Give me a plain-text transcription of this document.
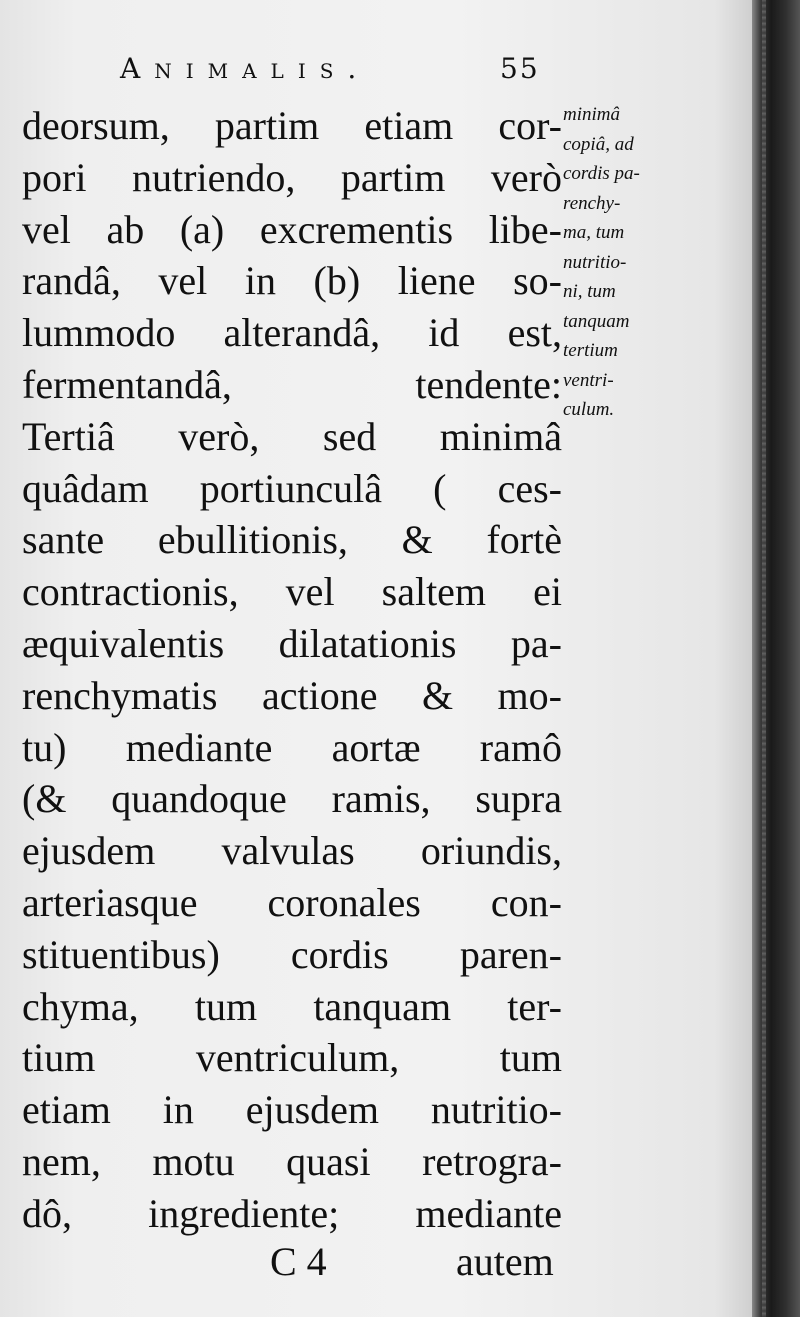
Animalis.	55
deorsum, partim etiam cor-
pori nutriendo, partim verò
vel ab (a) excrementis libe-
randâ, vel in (b) liene so-
lummodo alterandâ, id est,
fermentandâ, tendente:
Tertiâ verò, sed minimâ
quâdam portiunculâ ( ces-
sante ebullitionis, & fortè
contractionis, vel saltem ei
æquivalentis dilatationis pa-
renchymatis actione & mo-
tu) mediante aortæ ramô
(& quandoque ramis, supra
ejusdem valvulas oriundis,
arteriasque coronales con-
stituentibus) cordis paren-
chyma, tum tanquam ter-
tium ventriculum, tum
etiam in ejusdem nutritio-
nem, motu quasi retrogra-
dô, ingrediente; mediante
minimâ
copiâ, ad
cordis pa-
renchy-
ma, tum
nutritio-
ni, tum
tanquam
tertium
ventri-
culum.
C 4	autem
